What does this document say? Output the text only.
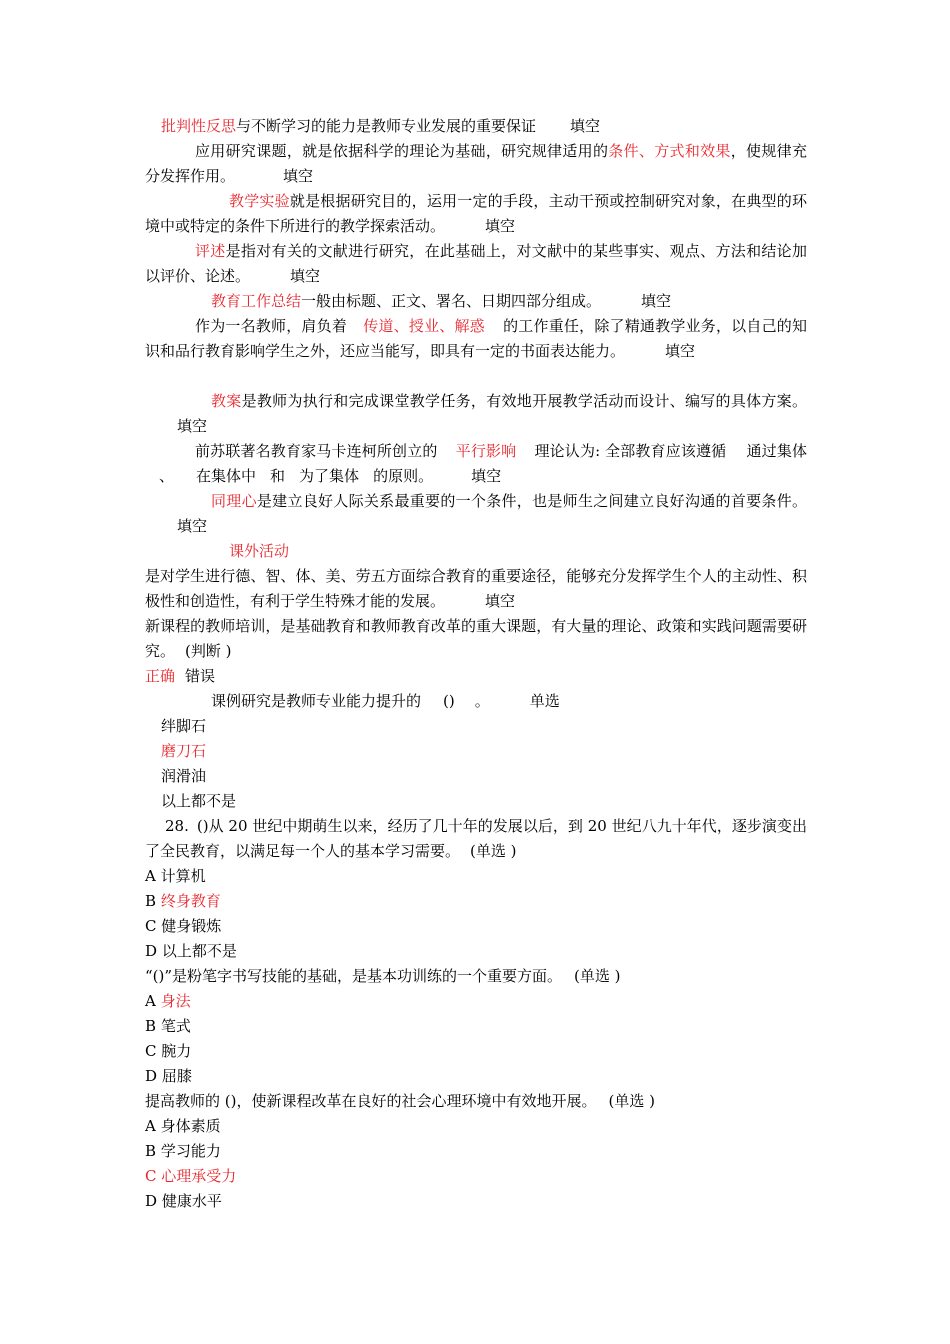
批判性反思与不断学习的能力是教师专业发展的重要保证 填空

应用研究课题，就是依据科学的理论为基础，研究规律适用的条件、方式和效果，使规律充分发挥作用。	填空

教学实验就是根据研究目的，运用一定的手段，主动干预或控制研究对象，在典型的环境中或特定的条件下所进行的教学探索活动。	填空

评述是指对有关的文献进行研究，在此基础上，对文献中的某些事实、观点、方法和结论加以评价、论述。	填空

教育工作总结一般由标题、正文、署名、日期四部分组成。	填空

作为一名教师，肩负着 传道、授业、解惑 的工作重任，除了精通教学业务，以自己的知识和品行教育影响学生之外，还应当能写，即具有一定的书面表达能力。	填空

教案是教师为执行和完成课堂教学任务，有效地开展教学活动而设计、编写的具体方案。填空

前苏联著名教育家马卡连柯所创立的 平行影响 理论认为: 全部教育应该遵循 通过集体、 在集体中 和 为了集体 的原则。	填空

同理心是建立良好人际关系最重要的一个条件，也是师生之间建立良好沟通的首要条件。填空

课外活动

是对学生进行德、智、体、美、劳五方面综合教育的重要途径，能够充分发挥学生个人的主动性、积极性和创造性，有利于学生特殊才能的发展。	填空

新课程的教师培训，是基础教育和教师教育改革的重大课题，有大量的理论、政策和实践问题需要研究。 (判断 )

正确 错误

课例研究是教师专业能力提升的 () 。	单选

绊脚石

磨刀石

润滑油

以上都不是

28. ()从 20 世纪中期萌生以来，经历了几十年的发展以后，到 20 世纪八九十年代，逐步演变出了全民教育，以满足每一个人的基本学习需要。 (单选 )

A 计算机

B 终身教育

C 健身锻炼

D 以上都不是

“()”是粉笔字书写技能的基础，是基本功训练的一个重要方面。 (单选 )

A 身法

B 笔式

C 腕力

D 屈膝

提高教师的 ()，使新课程改革在良好的社会心理环境中有效地开展。 (单选 )

A 身体素质

B 学习能力

C 心理承受力

D 健康水平
